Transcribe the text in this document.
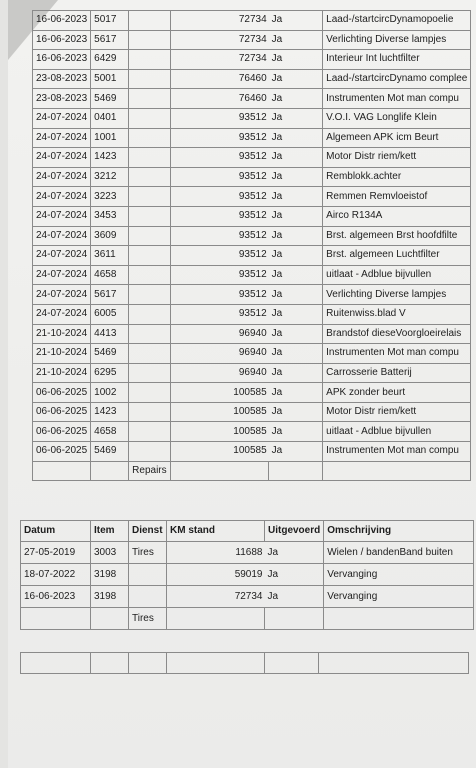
16-06-2023	5017		72734	Ja	Laad-/startcircDynamopoelie
16-06-2023	5617		72734	Ja	Verlichting Diverse lampjes
16-06-2023	6429		72734	Ja	Interieur Int luchtfilter
23-08-2023	5001		76460	Ja	Laad-/startcircDynamo complee
23-08-2023	5469		76460	Ja	Instrumenten Mot man compu
24-07-2024	0401		93512	Ja	V.O.I. VAG Longlife Klein
24-07-2024	1001		93512	Ja	Algemeen APK icm Beurt
24-07-2024	1423		93512	Ja	Motor Distr riem/kett
24-07-2024	3212		93512	Ja	Remblokk.achter
24-07-2024	3223		93512	Ja	Remmen Remvloeistof
24-07-2024	3453		93512	Ja	Airco R134A
24-07-2024	3609		93512	Ja	Brst. algemeen Brst hoofdfilte
24-07-2024	3611		93512	Ja	Brst. algemeen Luchtfilter
24-07-2024	4658		93512	Ja	uitlaat - Adblue bijvullen
24-07-2024	5617		93512	Ja	Verlichting Diverse lampjes
24-07-2024	6005		93512	Ja	Ruitenwiss.blad V
21-10-2024	4413		96940	Ja	Brandstof dieseVoorgloeirelais
21-10-2024	5469		96940	Ja	Instrumenten Mot man compu
21-10-2024	6295		96940	Ja	Carrosserie Batterij
06-06-2025	1002		100585	Ja	APK zonder beurt
06-06-2025	1423		100585	Ja	Motor Distr riem/kett
06-06-2025	4658		100585	Ja	uitlaat - Adblue bijvullen
06-06-2025	5469		100585	Ja	Instrumenten Mot man compu
		Repairs			
Datum	Item	Dienst	KM stand	Uitgevoerd	Omschrijving
27-05-2019	3003	Tires	11688	Ja	Wielen / bandenBand buiten
18-07-2022	3198		59019	Ja	Vervanging
16-06-2023	3198		72734	Ja	Vervanging
		Tires			
